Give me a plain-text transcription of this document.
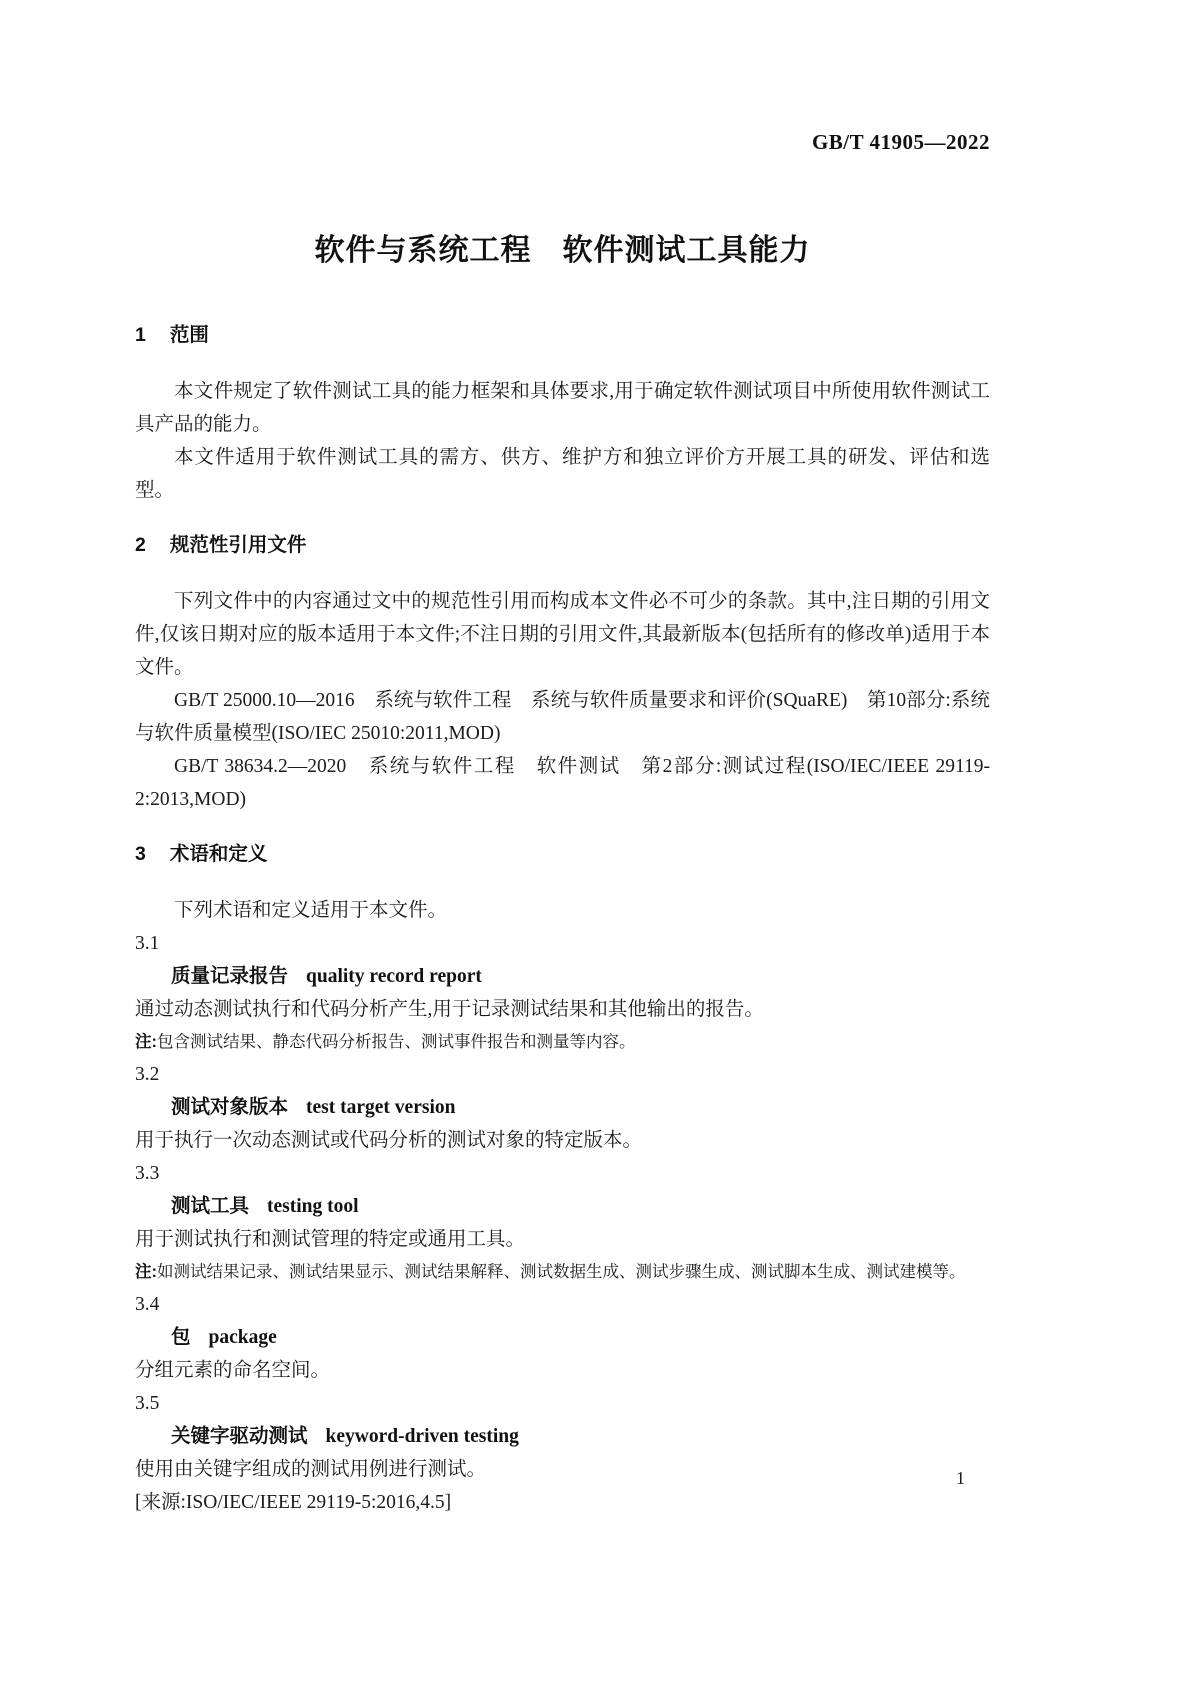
GB/T 41905—2022
软件与系统工程　软件测试工具能力
1 范围

本文件规定了软件测试工具的能力框架和具体要求,用于确定软件测试项目中所使用软件测试工具产品的能力。

本文件适用于软件测试工具的需方、供方、维护方和独立评价方开展工具的研发、评估和选型。

2 规范性引用文件

下列文件中的内容通过文中的规范性引用而构成本文件必不可少的条款。其中,注日期的引用文件,仅该日期对应的版本适用于本文件;不注日期的引用文件,其最新版本(包括所有的修改单)适用于本文件。

GB/T 25000.10—2016　系统与软件工程　系统与软件质量要求和评价(SQuaRE)　第10部分:系统与软件质量模型(ISO/IEC 25010:2011,MOD)

GB/T 38634.2—2020　系统与软件工程　软件测试　第2部分:测试过程(ISO/IEC/IEEE 29119-2:2013,MOD)

3 术语和定义

下列术语和定义适用于本文件。

3.1
质量记录报告 quality record report

通过动态测试执行和代码分析产生,用于记录测试结果和其他输出的报告。

注:包含测试结果、静态代码分析报告、测试事件报告和测量等内容。

3.2
测试对象版本 test target version

用于执行一次动态测试或代码分析的测试对象的特定版本。

3.3
测试工具 testing tool

用于测试执行和测试管理的特定或通用工具。

注:如测试结果记录、测试结果显示、测试结果解释、测试数据生成、测试步骤生成、测试脚本生成、测试建模等。

3.4
包 package

分组元素的命名空间。

3.5
关键字驱动测试 keyword-driven testing

使用由关键字组成的测试用例进行测试。

[来源:ISO/IEC/IEEE 29119-5:2016,4.5]

1
